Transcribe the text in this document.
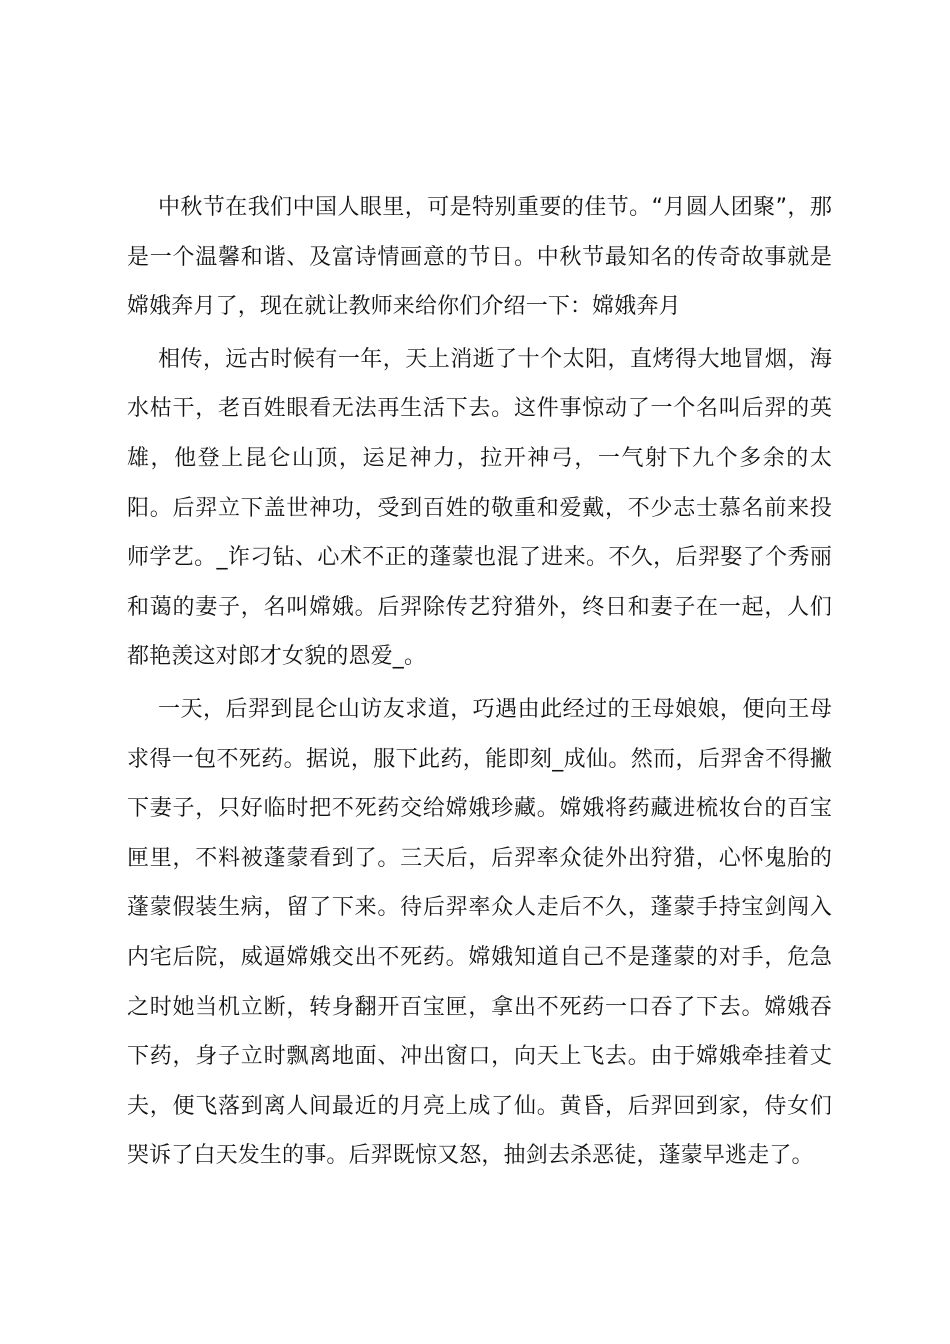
中秋节在我们中国人眼里，可是特别重要的佳节。“月圆人团聚”，那是一个温馨和谐、及富诗情画意的节日。中秋节最知名的传奇故事就是嫦娥奔月了，现在就让教师来给你们介绍一下：嫦娥奔月

相传，远古时候有一年，天上消逝了十个太阳，直烤得大地冒烟，海水枯干，老百姓眼看无法再生活下去。这件事惊动了一个名叫后羿的英雄，他登上昆仑山顶，运足神力，拉开神弓，一气射下九个多余的太阳。后羿立下盖世神功，受到百姓的敬重和爱戴，不少志士慕名前来投师学艺。_诈刁钻、心术不正的蓬蒙也混了进来。不久，后羿娶了个秀丽和蔼的妻子，名叫嫦娥。后羿除传艺狩猎外，终日和妻子在一起，人们都艳羡这对郎才女貌的恩爱_。

一天，后羿到昆仑山访友求道，巧遇由此经过的王母娘娘，便向王母求得一包不死药。据说，服下此药，能即刻_成仙。然而，后羿舍不得撇下妻子，只好临时把不死药交给嫦娥珍藏。嫦娥将药藏进梳妆台的百宝匣里，不料被蓬蒙看到了。三天后，后羿率众徒外出狩猎，心怀鬼胎的蓬蒙假装生病，留了下来。待后羿率众人走后不久，蓬蒙手持宝剑闯入内宅后院，威逼嫦娥交出不死药。嫦娥知道自己不是蓬蒙的对手，危急之时她当机立断，转身翻开百宝匣，拿出不死药一口吞了下去。嫦娥吞下药，身子立时飘离地面、冲出窗口，向天上飞去。由于嫦娥牵挂着丈夫，便飞落到离人间最近的月亮上成了仙。黄昏，后羿回到家，侍女们哭诉了白天发生的事。后羿既惊又怒，抽剑去杀恶徒，蓬蒙早逃走了。
